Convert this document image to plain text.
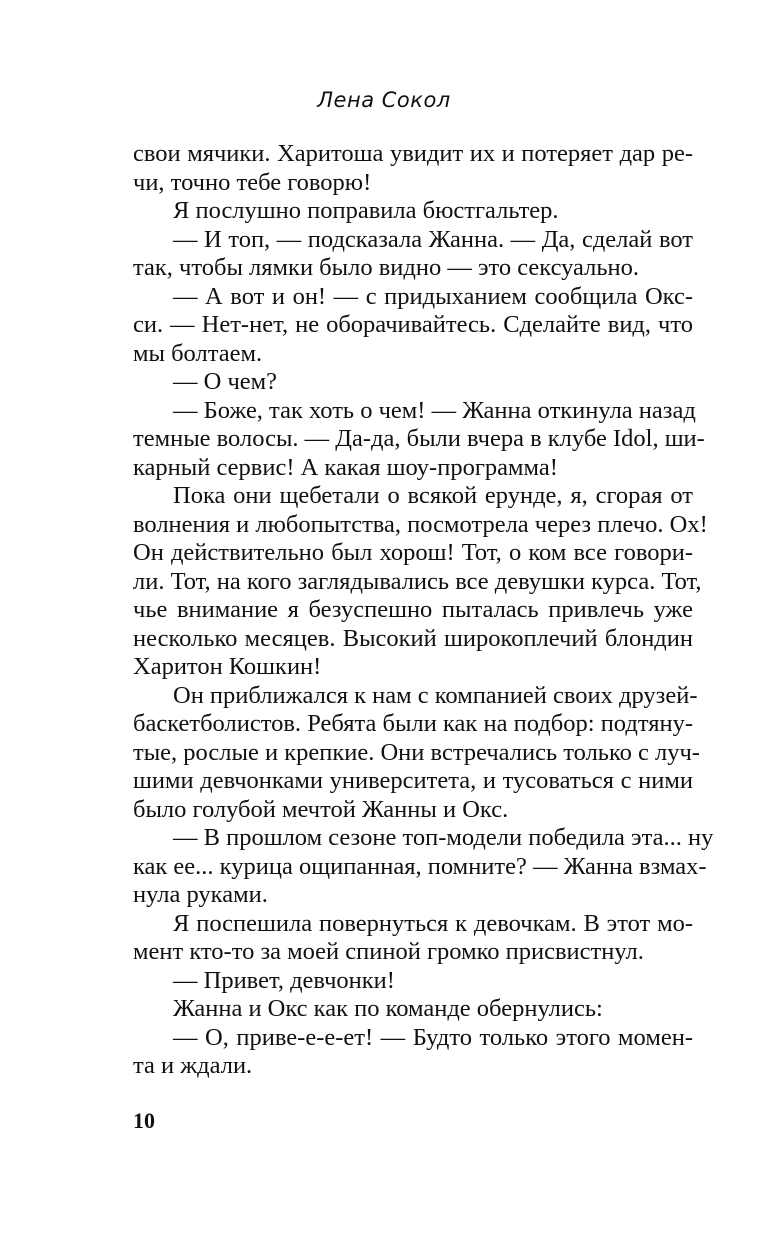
Лена Сокол
свои мячики. Харитоша увидит их и потеряет дар ре-
чи, точно тебе говорю!
Я послушно поправила бюстгальтер.
— И топ, — подсказала Жанна. — Да, сделай вот
так, чтобы лямки было видно — это сексуально.
— А вот и он! — с придыханием сообщила Окс-
си. — Нет-нет, не оборачивайтесь. Сделайте вид, что
мы болтаем.
— О чем?
— Боже, так хоть о чем! — Жанна откинула назад
темные волосы. — Да-да, были вчера в клубе Idol, ши-
карный сервис! А какая шоу-программа!
Пока они щебетали о всякой ерунде, я, сгорая от
волнения и любопытства, посмотрела через плечо. Ох!
Он действительно был хорош! Тот, о ком все говори-
ли. Тот, на кого заглядывались все девушки курса. Тот,
чье внимание я безуспешно пыталась привлечь уже
несколько месяцев. Высокий широкоплечий блондин
Харитон Кошкин!
Он приближался к нам с компанией своих друзей-
баскетболистов. Ребята были как на подбор: подтяну-
тые, рослые и крепкие. Они встречались только с луч-
шими девчонками университета, и тусоваться с ними
было голубой мечтой Жанны и Окс.
— В прошлом сезоне топ-модели победила эта... ну
как ее... курица ощипанная, помните? — Жанна взмах-
нула руками.
Я поспешила повернуться к девочкам. В этот мо-
мент кто-то за моей спиной громко присвистнул.
— Привет, девчонки!
Жанна и Окс как по команде обернулись:
— О, приве-е-е-ет! — Будто только этого момен-
та и ждали.
10
